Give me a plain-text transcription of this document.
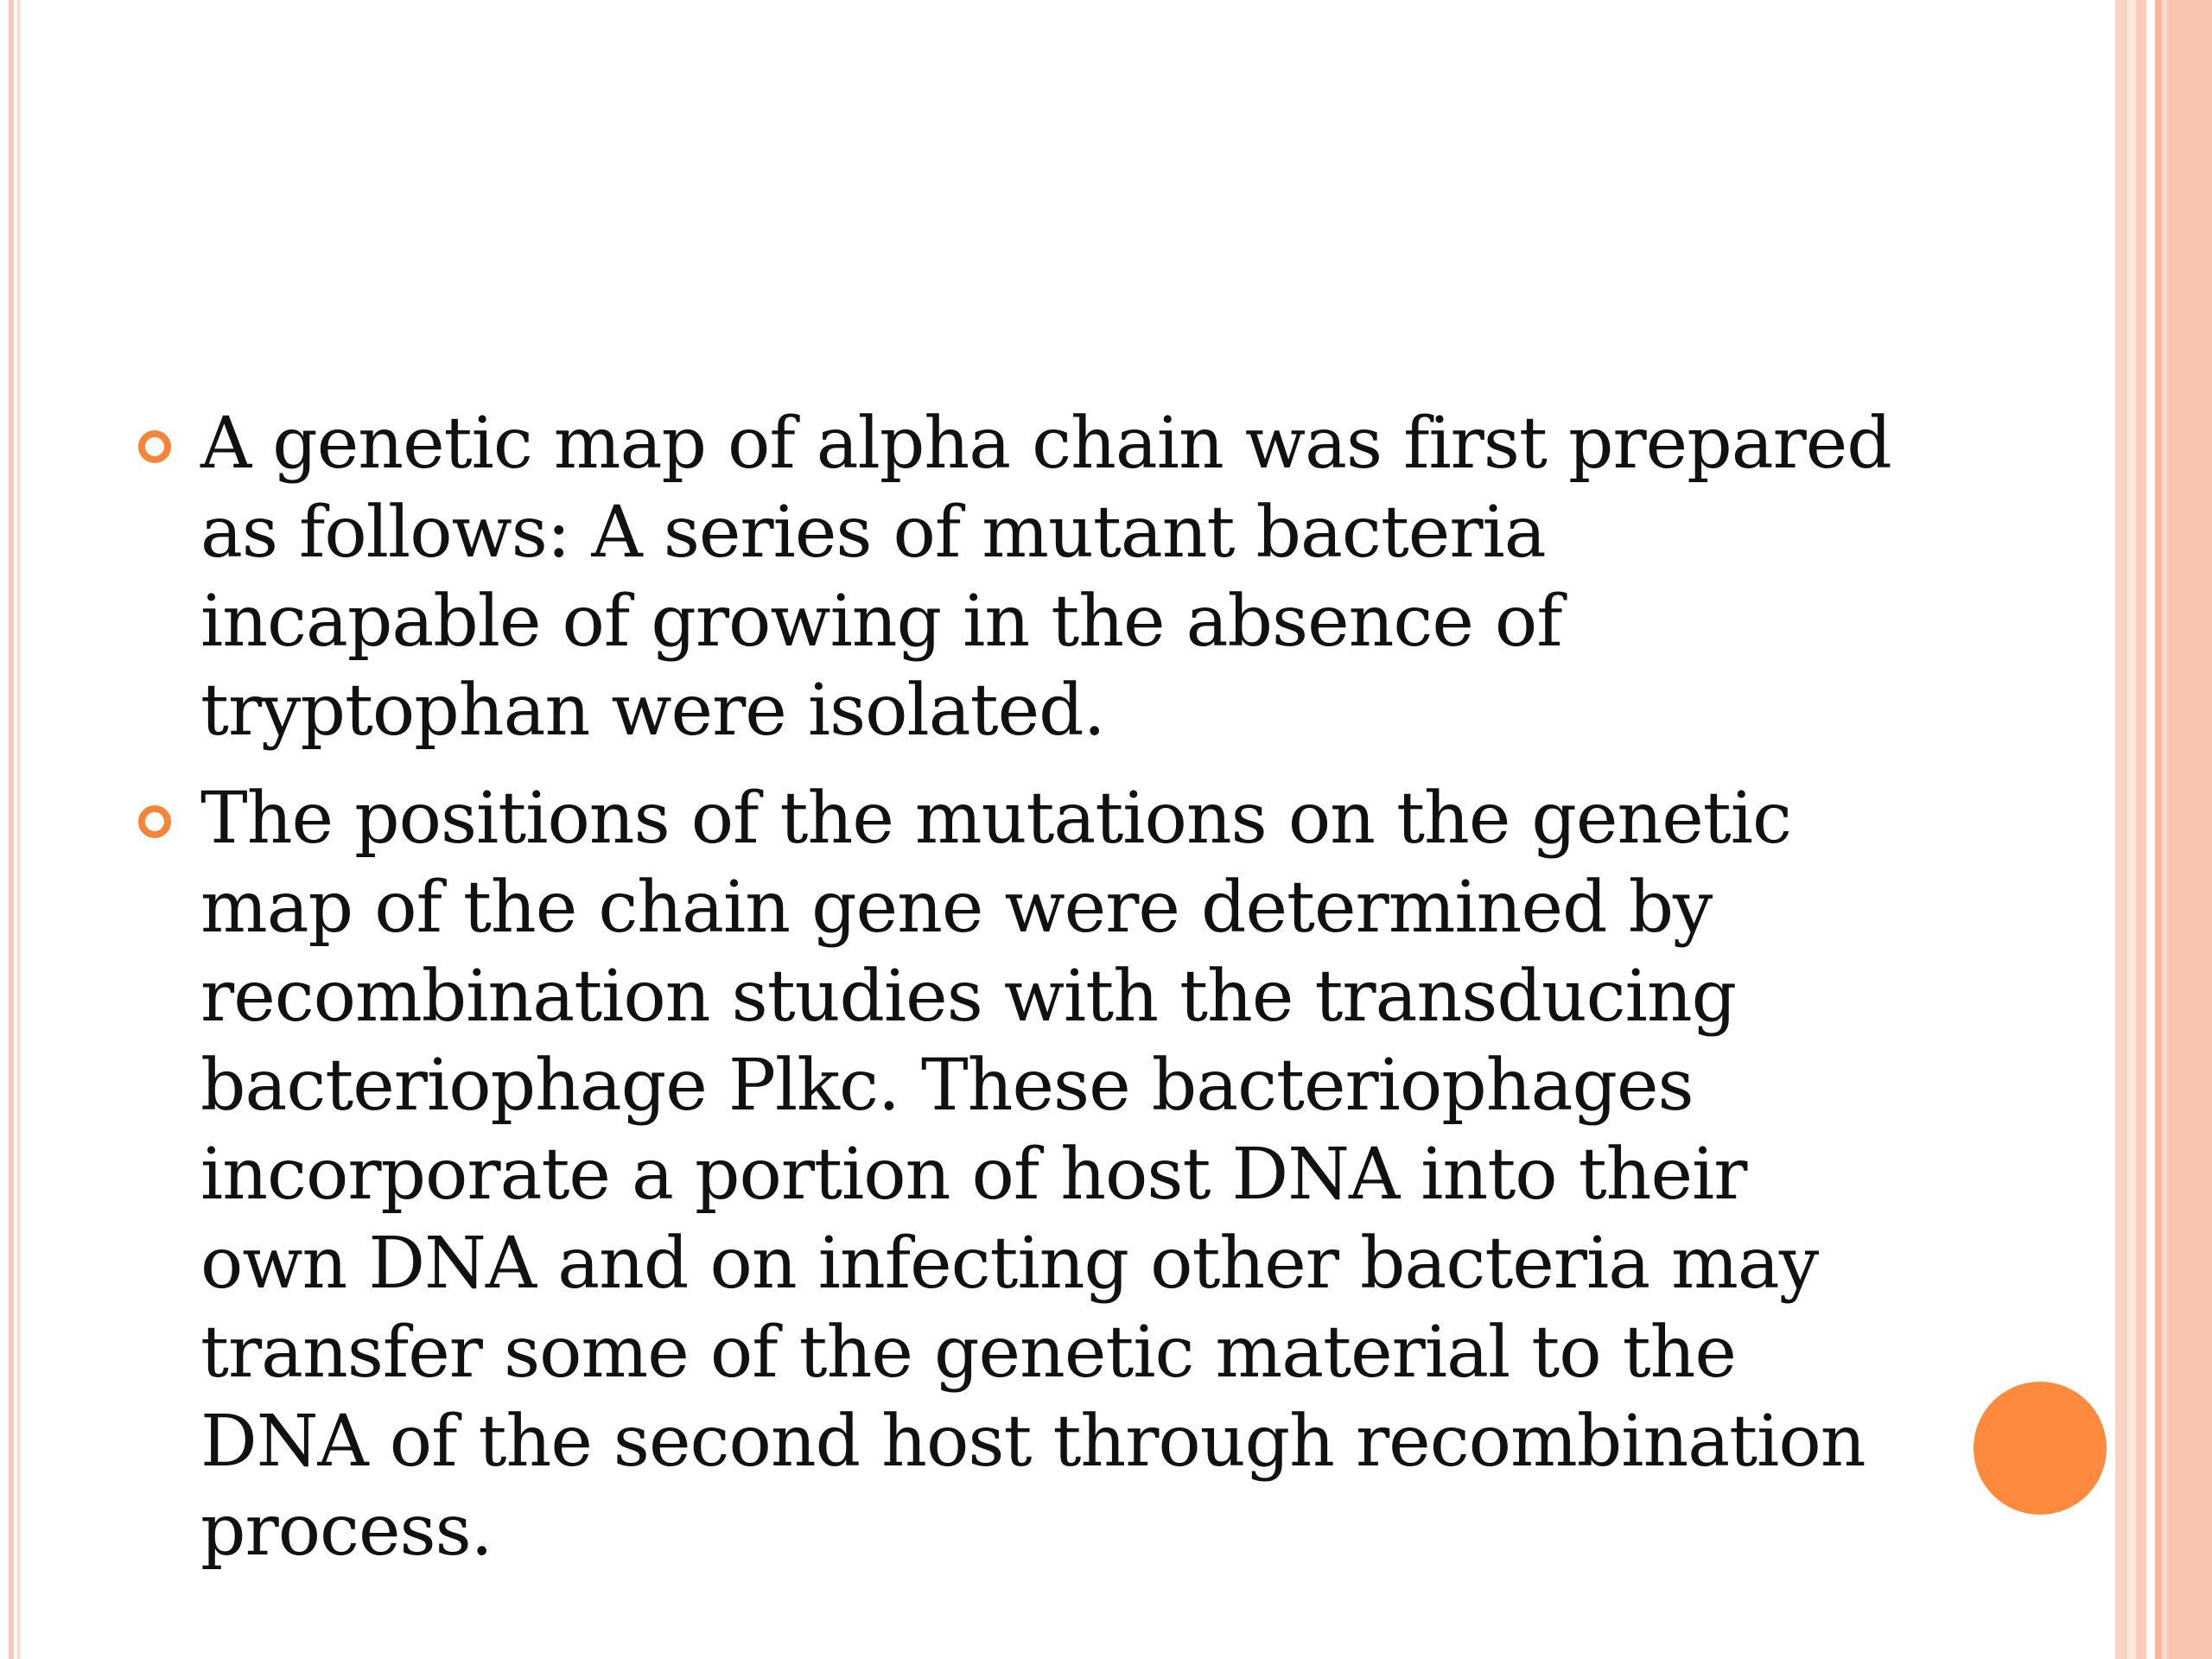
A genetic map of alpha chain was first prepared as follows: A series of mutant bacteria incapable of growing in the absence of tryptophan were isolated.
The positions of the mutations on the genetic map of the chain gene were determined by recombination studies with the transducing bacteriophage Plkc. These bacteriophages incorporate a portion of host DNA into their own DNA and on infecting other bacteria may transfer some of the genetic material to the DNA of the second host through recombination process.
